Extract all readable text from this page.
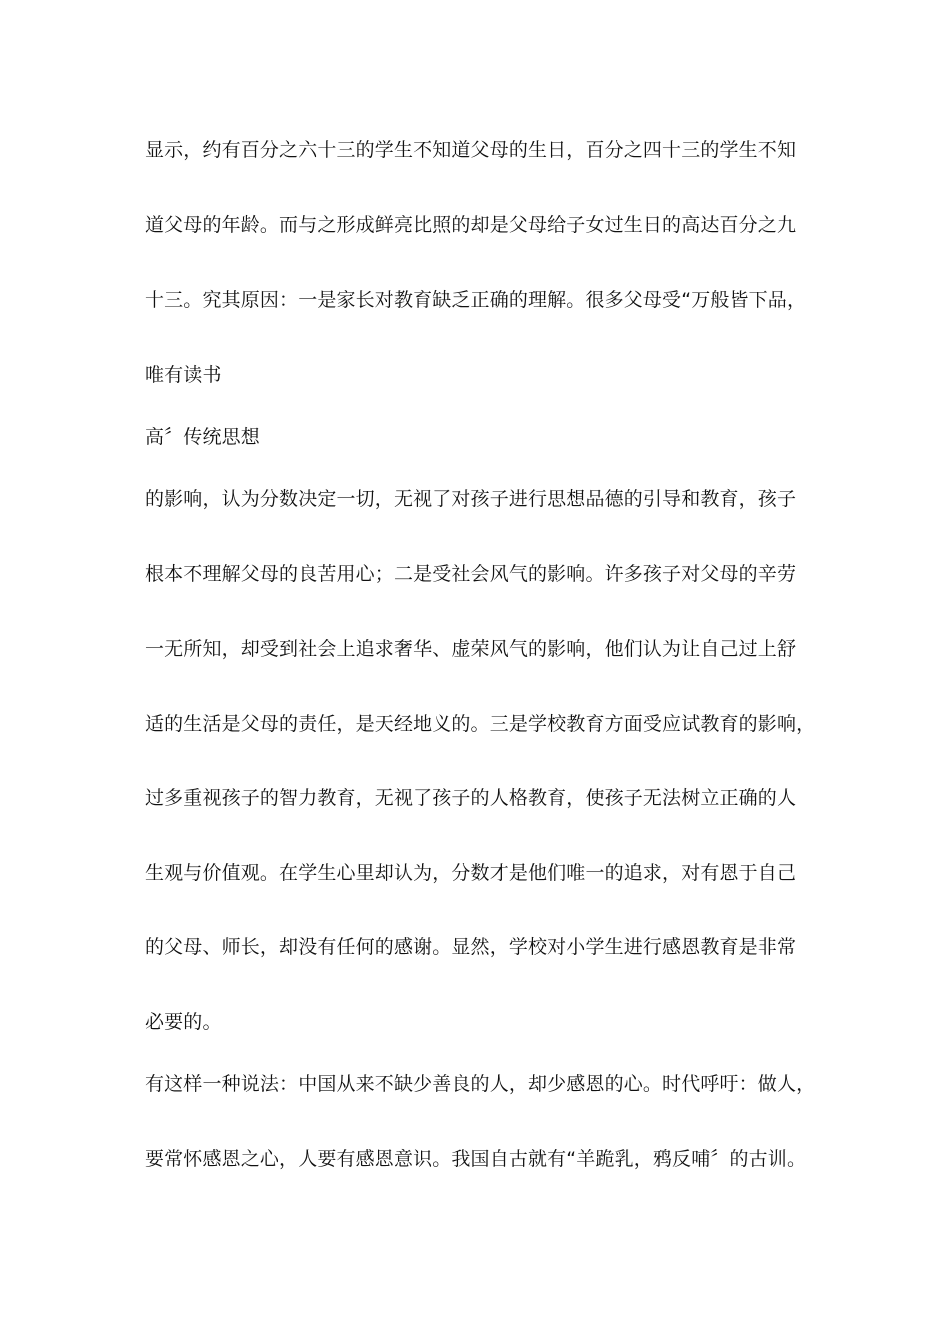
显示，约有百分之六十三的学生不知道父母的生日，百分之四十三的学生不知
道父母的年龄。而与之形成鲜亮比照的却是父母给子女过生日的高达百分之九
十三。究其原因：一是家长对教育缺乏正确的理解。很多父母受“万般皆下品，
唯有读书
高〞传统思想
的影响，认为分数决定一切，无视了对孩子进行思想品德的引导和教育，孩子
根本不理解父母的良苦用心；二是受社会风气的影响。许多孩子对父母的辛劳
一无所知，却受到社会上追求奢华、虚荣风气的影响，他们认为让自己过上舒
适的生活是父母的责任，是天经地义的。三是学校教育方面受应试教育的影响，
过多重视孩子的智力教育，无视了孩子的人格教育，使孩子无法树立正确的人
生观与价值观。在学生心里却认为，分数才是他们唯一的追求，对有恩于自己
的父母、师长，却没有任何的感谢。显然，学校对小学生进行感恩教育是非常
必要的。
有这样一种说法：中国从来不缺少善良的人，却少感恩的心。时代呼吁：做人，
要常怀感恩之心，人要有感恩意识。我国自古就有“羊跪乳，鸦反哺〞的古训。
